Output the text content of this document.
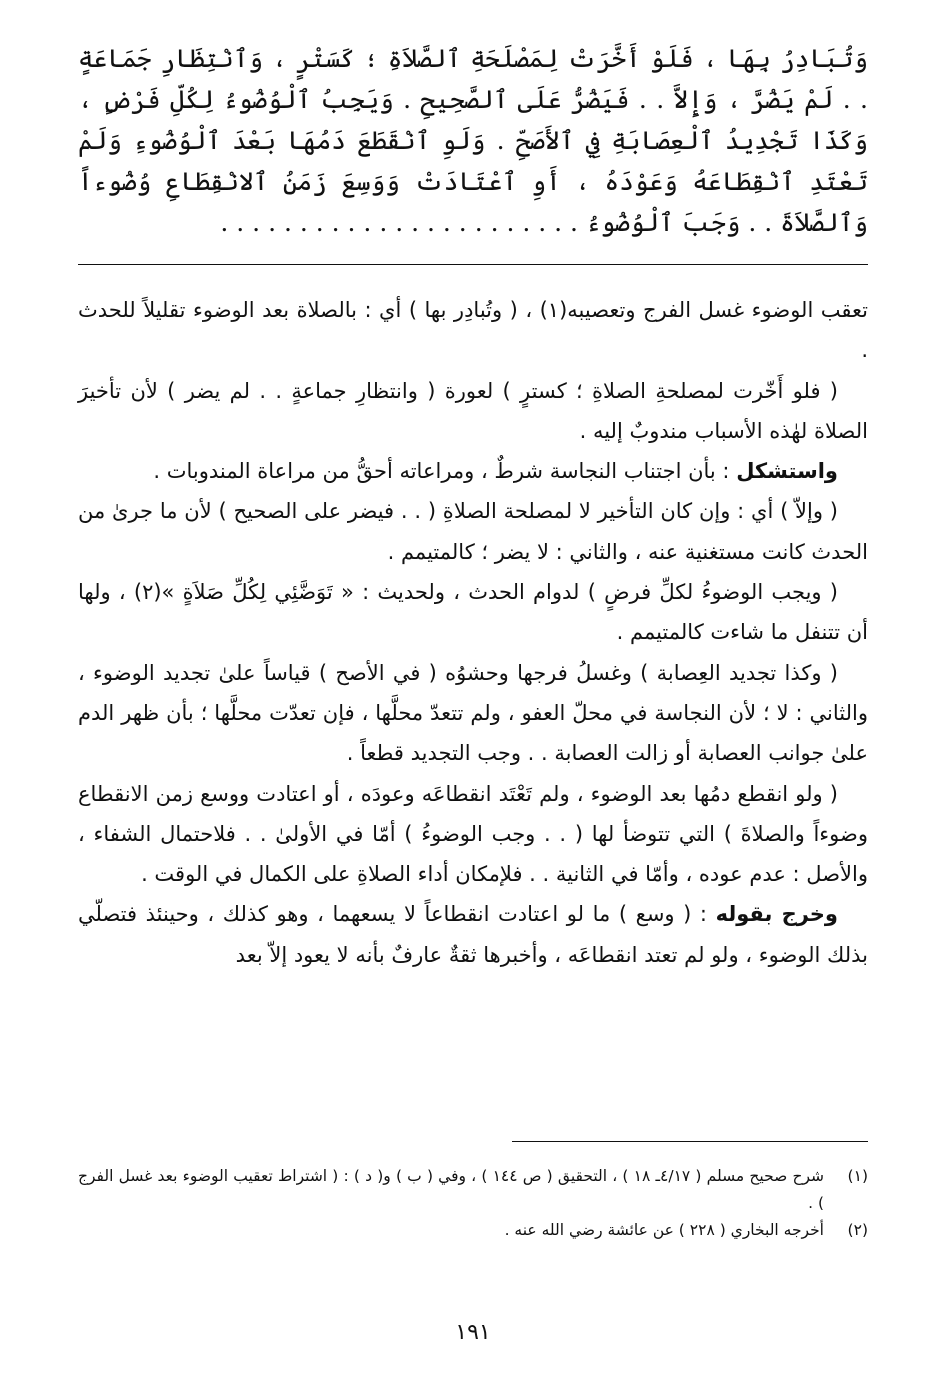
وَتُبَادِرُ بِهَا ، فَلَوْ أَخَّرَتْ لِمَصْلَحَةِ ٱلصَّلاَةِ ؛ كَسَتْرٍ ، وَٱنْتِظَارِ جَمَاعَةٍ . . لَمْ يَضُرَّ ، وَإِلاَّ . . فَيَضُرُّ عَلَى ٱلصَّحِيحِ . وَيَجِبُ ٱلْوُضُوءُ لِكُلِّ فَرْضٍ ، وَكَذَا تَجْدِيدُ ٱلْعِصَابَةِ فِي ٱلأَصَحِّ . وَلَوِ ٱنْقَطَعَ دَمُهَا بَعْدَ ٱلْوُضُوءِ وَلَمْ تَعْتَدِ ٱنْقِطَاعَهُ وَعَوْدَهُ ، أَوِ ٱعْتَادَتْ وَوَسِعَ زَمَنُ ٱلانْقِطَاعِ وُضُوءاً وَٱلصَّلاَةَ . . وَجَبَ ٱلْوُضُوءُ . . . . . . . . . . . . . . . . . . . . . . .

تعقب الوضوء غسل الفرج وتعصيبه(١) ، ( وتُبادِر بها ) أي : بالصلاة بعد الوضوء تقليلاً للحدث .

( فلو أَخّرت لمصلحةِ الصلاةِ ؛ كسترٍ ) لعورة ( وانتظارِ جماعةٍ . . لم يضر ) لأن تأخيرَ الصلاة لهٰذه الأسباب مندوبٌ إليه .

واستشكل : بأن اجتناب النجاسة شرطٌ ، ومراعاته أحقُّ من مراعاة المندوبات .

( وإلاّ ) أي : وإن كان التأخير لا لمصلحة الصلاةِ ( . . فيضر على الصحيح ) لأن ما جرىٰ من الحدث كانت مستغنية عنه ، والثاني : لا يضر ؛ كالمتيمم .

( ويجب الوضوءُ لكلِّ فرضٍ ) لدوام الحدث ، ولحديث : « تَوَضَّئِي لِكُلِّ صَلاَةٍ »(٢) ، ولها أن تتنفل ما شاءت كالمتيمم .

( وكذا تجديد العِصابة ) وغسلُ فرجها وحشوُه ( في الأصح ) قياساً علىٰ تجديد الوضوء ، والثاني : لا ؛ لأن النجاسة في محلّ العفو ، ولم تتعدّ محلَّها ، فإن تعدّت محلَّها ؛ بأن ظهر الدم علىٰ جوانب العصابة أو زالت العصابة . . وجب التجديد قطعاً .

( ولو انقطع دمُها بعد الوضوء ، ولم تَعْتَد انقطاعَه وعودَه ، أو اعتادت ووسع زمن الانقطاع وضوءاً والصلاةَ ) التي تتوضأ لها ( . . وجب الوضوءُ ) أمّا في الأولىٰ . . فلاحتمال الشفاء ، والأصل : عدم عوده ، وأمّا في الثانية . . فلإمكان أداء الصلاةِ على الكمال في الوقت .

وخرج بقوله : ( وسع ) ما لو اعتادت انقطاعاً لا يسعهما ، وهو كذلك ، وحينئذ فتصلّي بذلك الوضوء ، ولو لم تعتد انقطاعَه ، وأخبرها ثقةٌ عارفٌ بأنه لا يعود إلاّ بعد

(١)
شرح صحيح مسلم ( ٤/١٧ـ ١٨ ) ، التحقيق ( ص ١٤٤ ) ، وفي ( ب ) و( د ) : ( اشتراط تعقيب الوضوء بعد غسل الفرج ) .
(٢)
أخرجه البخاري ( ٢٢٨ ) عن عائشة رضي الله عنه .
١٩١
